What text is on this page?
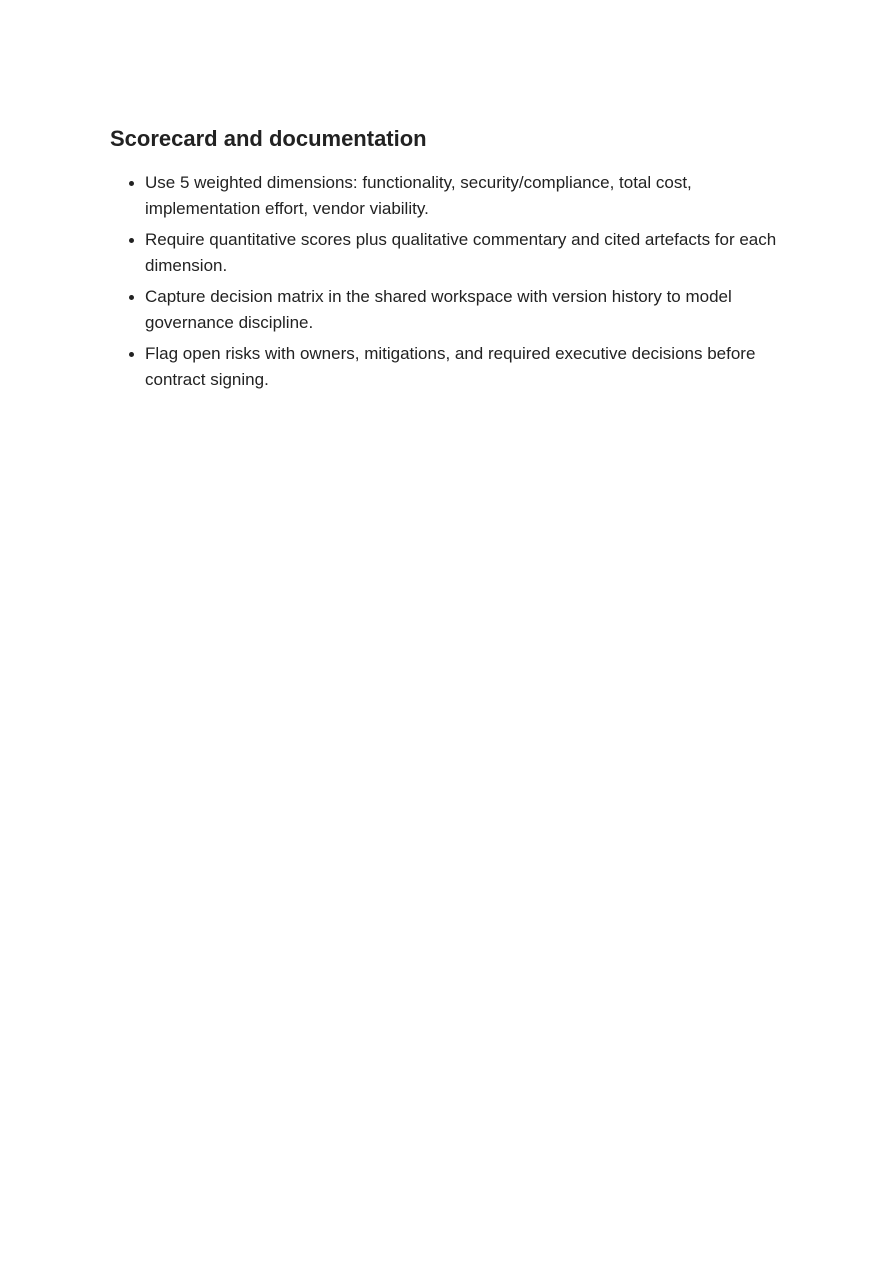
Scorecard and documentation
Use 5 weighted dimensions: functionality, security/compliance, total cost, implementation effort, vendor viability.
Require quantitative scores plus qualitative commentary and cited artefacts for each dimension.
Capture decision matrix in the shared workspace with version history to model governance discipline.
Flag open risks with owners, mitigations, and required executive decisions before contract signing.
